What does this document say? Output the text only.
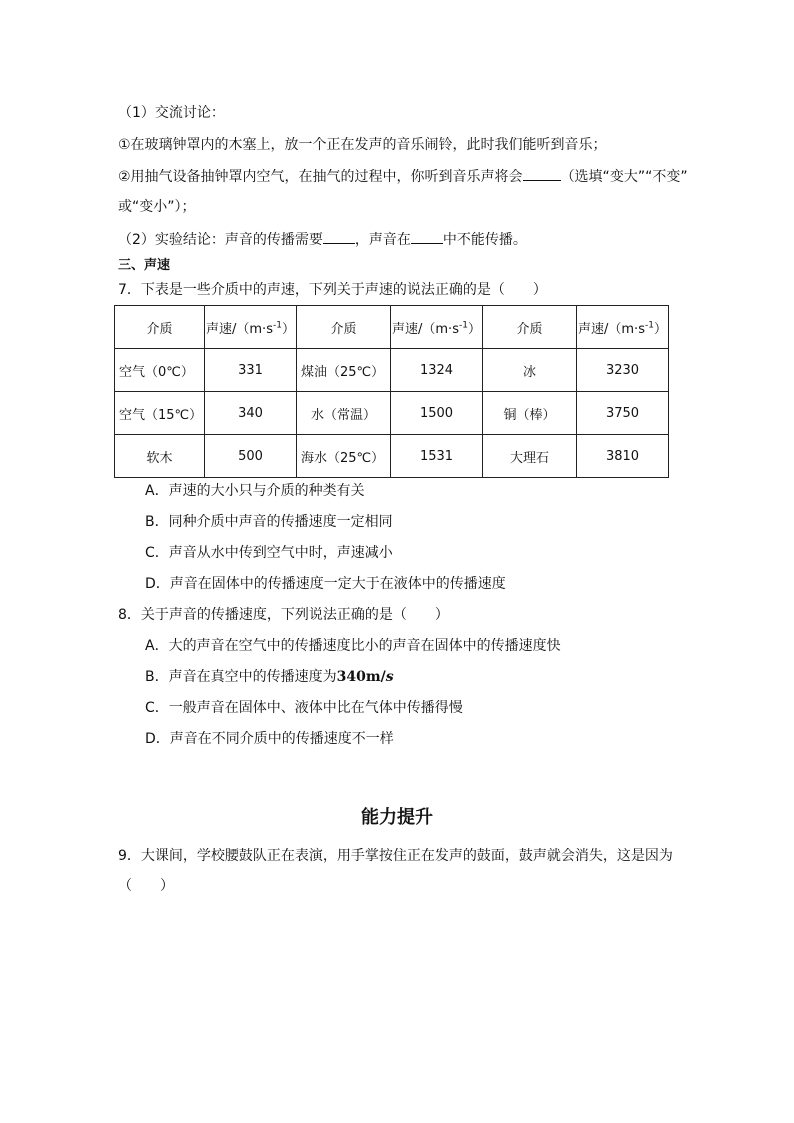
（1）交流讨论：
①在玻璃钟罩内的木塞上，放一个正在发声的音乐闹铃，此时我们能听到音乐；
②用抽气设备抽钟罩内空气，在抽气的过程中，你听到音乐声将会	（选填“变大”“不变”
或“变小”）；
（2）实验结论：声音的传播需要 ，声音在 中不能传播。
三、声速
7．下表是一些介质中的声速，下列关于声速的说法正确的是（　　）
介质	声速$/(m\cdot s^{-1})$	介质	声速$/(m\cdot s^{-1})$	介质	声速$/(m\cdot s^{-1})$
空气（0℃）	331	煤油（25℃）	1324	冰	3230
空气（15℃）	340	水（常温）	1500	铜（棒）	3750
软木	500	海水（25℃）	1531	大理石	3810
A．声速的大小只与介质的种类有关
B．同种介质中声音的传播速度一定相同
C．声音从水中传到空气中时，声速减小
D．声音在固体中的传播速度一定大于在液体中的传播速度
8．关于声音的传播速度，下列说法正确的是（　　）
A．大的声音在空气中的传播速度比小的声音在固体中的传播速度快
B．声音在真空中的传播速度为340m/s
C．一般声音在固体中、液体中比在气体中传播得慢
D．声音在不同介质中的传播速度不一样
能力提升
9．大课间，学校腰鼓队正在表演，用手掌按住正在发声的鼓面，鼓声就会消失，这是因为
（　　）
